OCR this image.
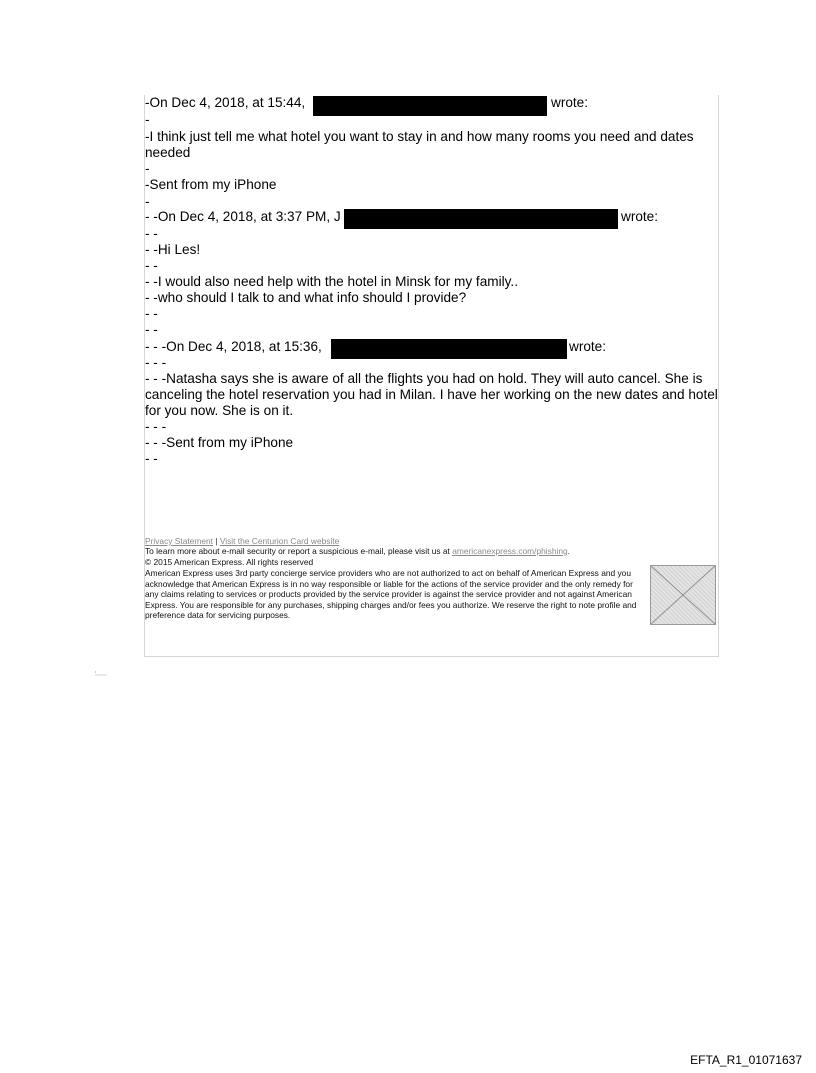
-On Dec 4, 2018, at 15:44,	wrote:
-
-I think just tell me what hotel you want to stay in and how many rooms you need and dates needed
-
-Sent from my iPhone
-
- -On Dec 4, 2018, at 3:37 PM, J	wrote:
- -
- -Hi Les!
- -
- -I would also need help with the hotel in Minsk for my family..
- -who should I talk to and what info should I provide?
- -
- -
- - -On Dec 4, 2018, at 15:36,	wrote:
- - -
- - -Natasha says she is aware of all the flights you had on hold. They will auto cancel. She is canceling the hotel reservation you had in Milan. I have her working on the new dates and hotel for you now. She is on it.
- - -
- - -Sent from my iPhone
- -
Privacy Statement | Visit the Centurion Card website
To learn more about e-mail security or report a suspicious e-mail, please visit us at americanexpress.com/phishing.
© 2015 American Express. All rights reserved
American Express uses 3rd party concierge service providers who are not authorized to act on behalf of American Express and you acknowledge that American Express is in no way responsible or liable for the actions of the service provider and the only remedy for any claims relating to services or products provided by the service provider is against the service provider and not against American Express. You are responsible for any purchases, shipping charges and/or fees you authorize. We reserve the right to note profile and preference data for servicing purposes.
EFTA_R1_01071637
